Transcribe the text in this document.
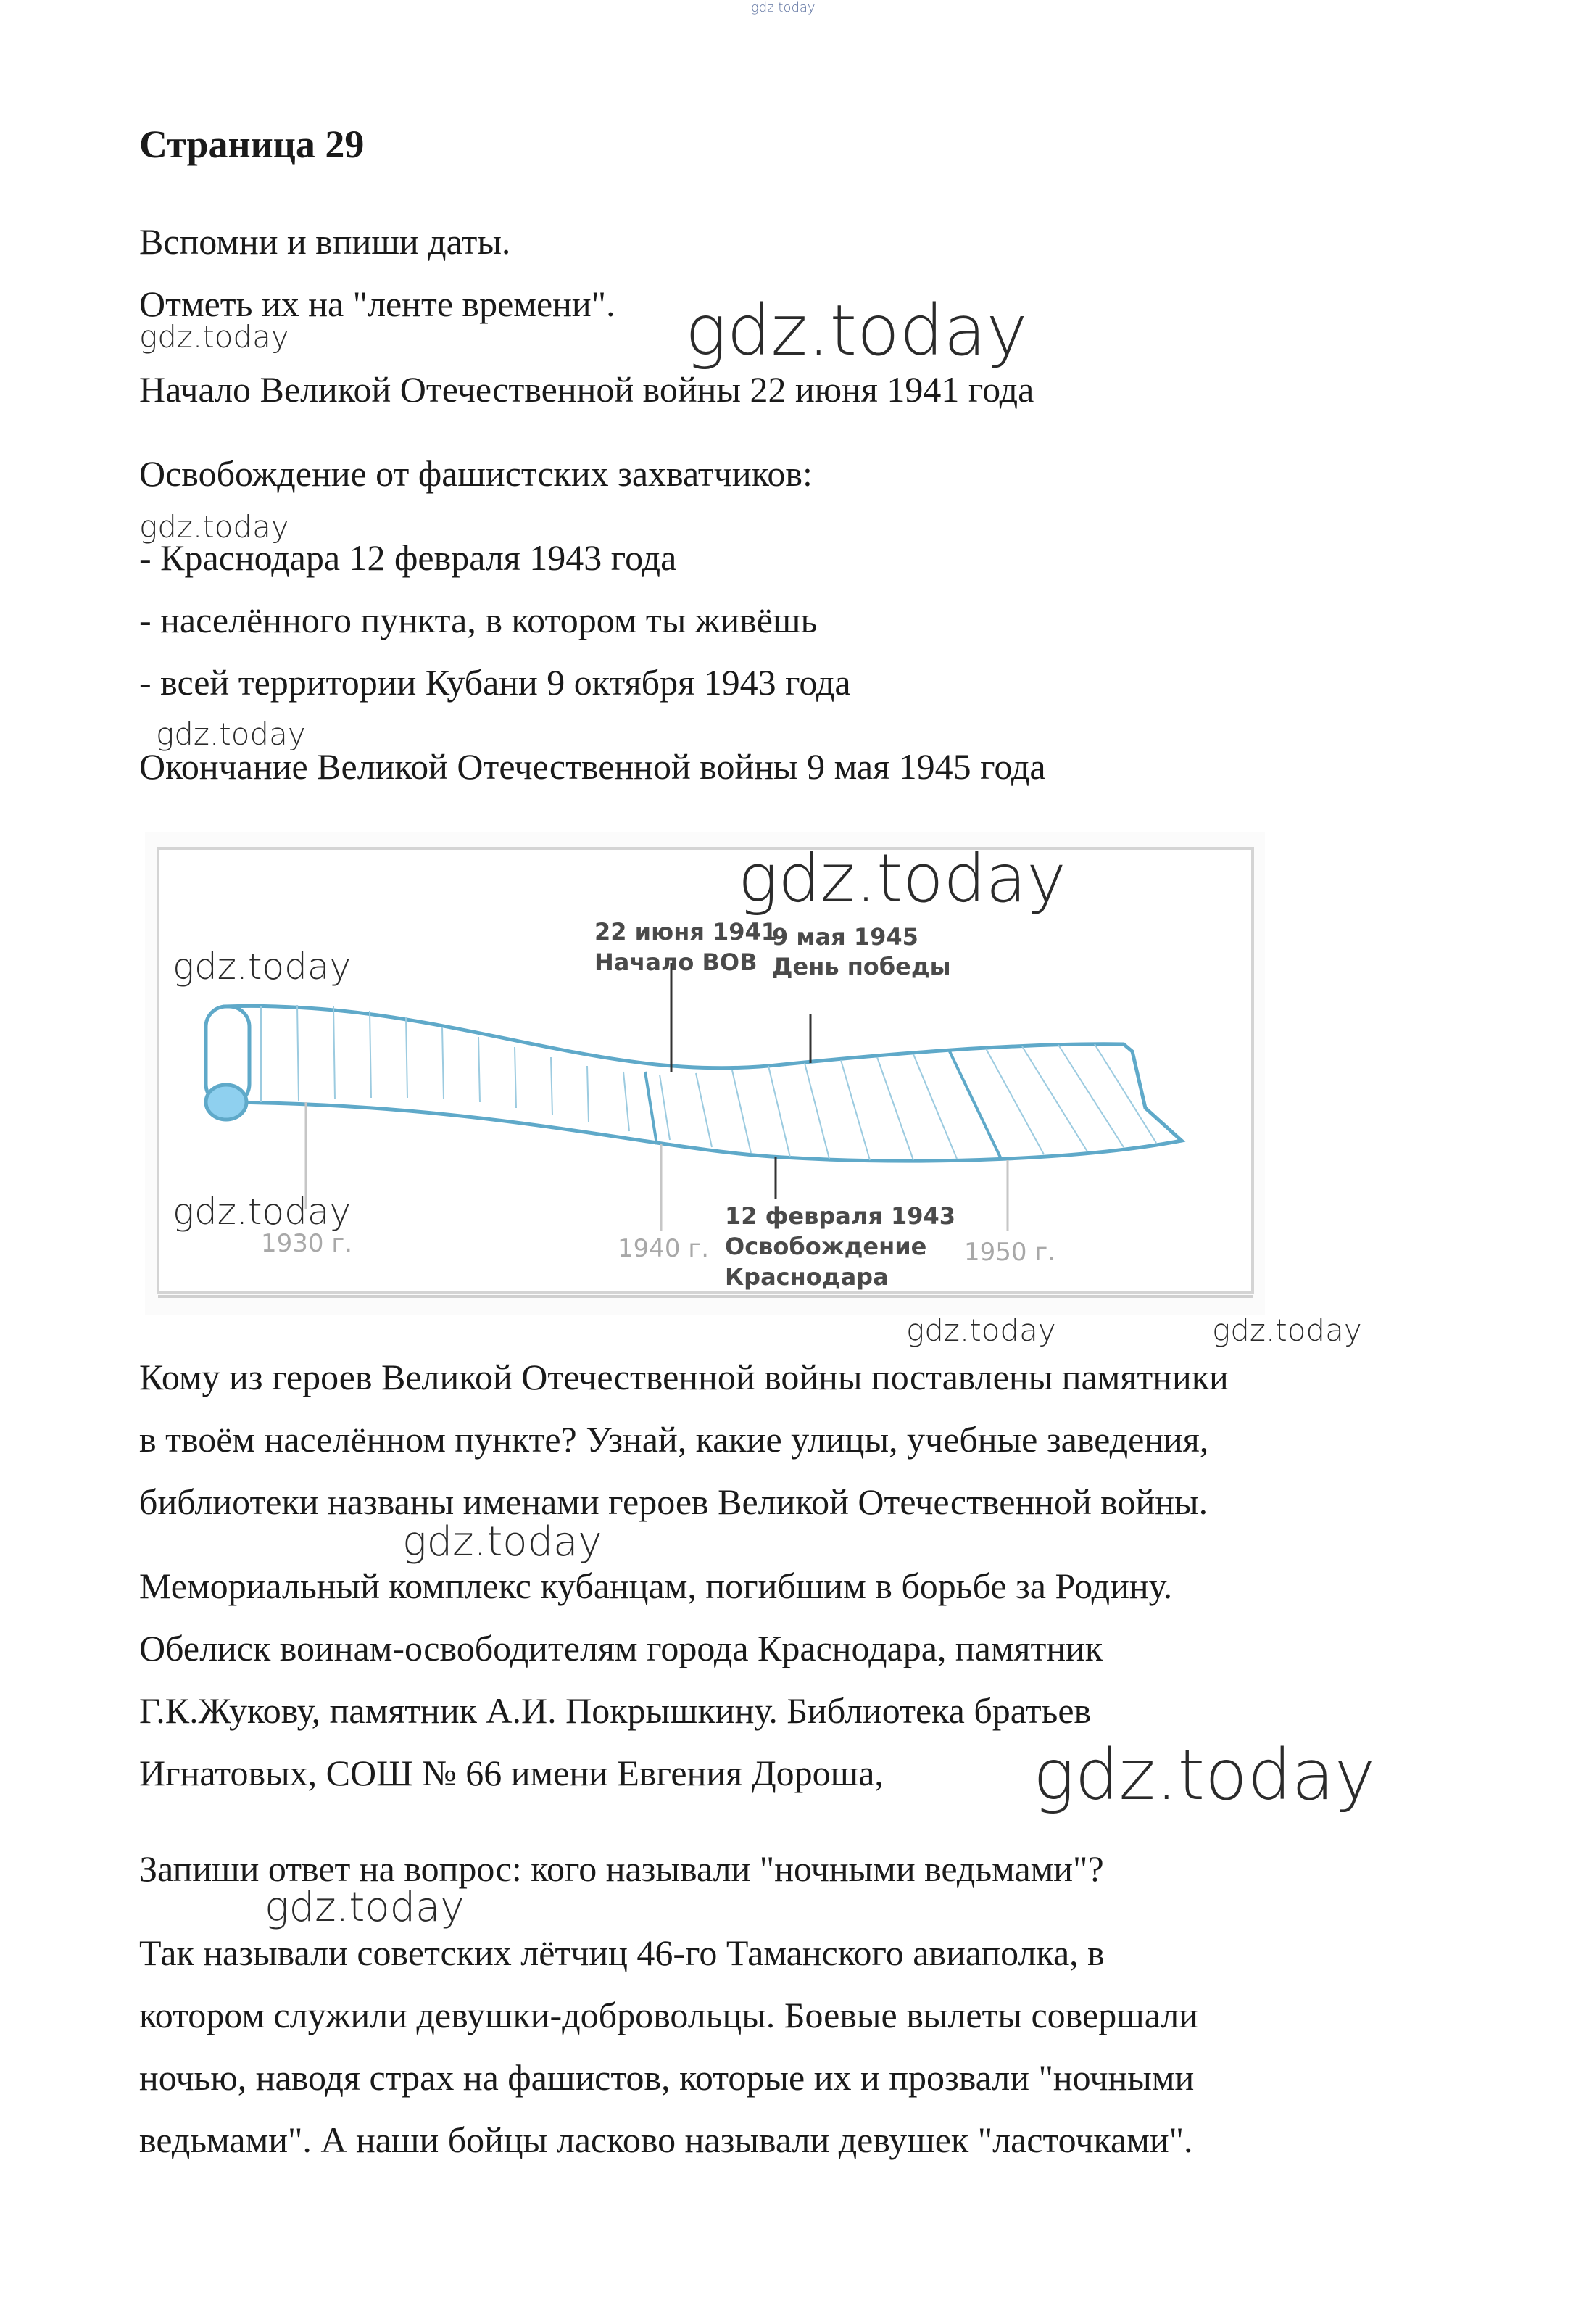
gdz.today
Страница 29
Вспомни и впиши даты.
Отметь их на "ленте времени".
gdz.today	gdz.today
Начало Великой Отечественной войны 22 июня 1941 года
Освобождение от фашистских захватчиков:
gdz.today
- Краснодара 12 февраля 1943 года
- населённого пункта, в котором ты живёшь
- всей территории Кубани 9 октября 1943 года
gdz.today
Окончание Великой Отечественной войны 9 мая 1945 года
22 июня 1941
Начало ВОВ
9 мая 1945
День победы
12 февраля 1943
Освобождение
Краснодара
1930 г.	1940 г.	1950 г.
gdz.today
gdz.today
gdz.today
gdz.today	gdz.today
Кому из героев Великой Отечественной войны поставлены памятники
в твоём населённом пункте? Узнай, какие улицы, учебные заведения,
библиотеки названы именами героев Великой Отечественной войны.
gdz.today
Мемориальный комплекс кубанцам, погибшим в борьбе за Родину.
Обелиск воинам-освободителям города Краснодара, памятник
Г.К.Жукову, памятник А.И. Покрышкину. Библиотека братьев
Игнатовых, СОШ № 66 имени Евгения Дороша, gdz.today
Запиши ответ на вопрос: кого называли "ночными ведьмами"?
gdz.today
Так называли советских лётчиц 46-го Таманского авиаполка, в
котором служили девушки-добровольцы. Боевые вылеты совершали
ночью, наводя страх на фашистов, которые их и прозвали "ночными
ведьмами". А наши бойцы ласково называли девушек "ласточками".
